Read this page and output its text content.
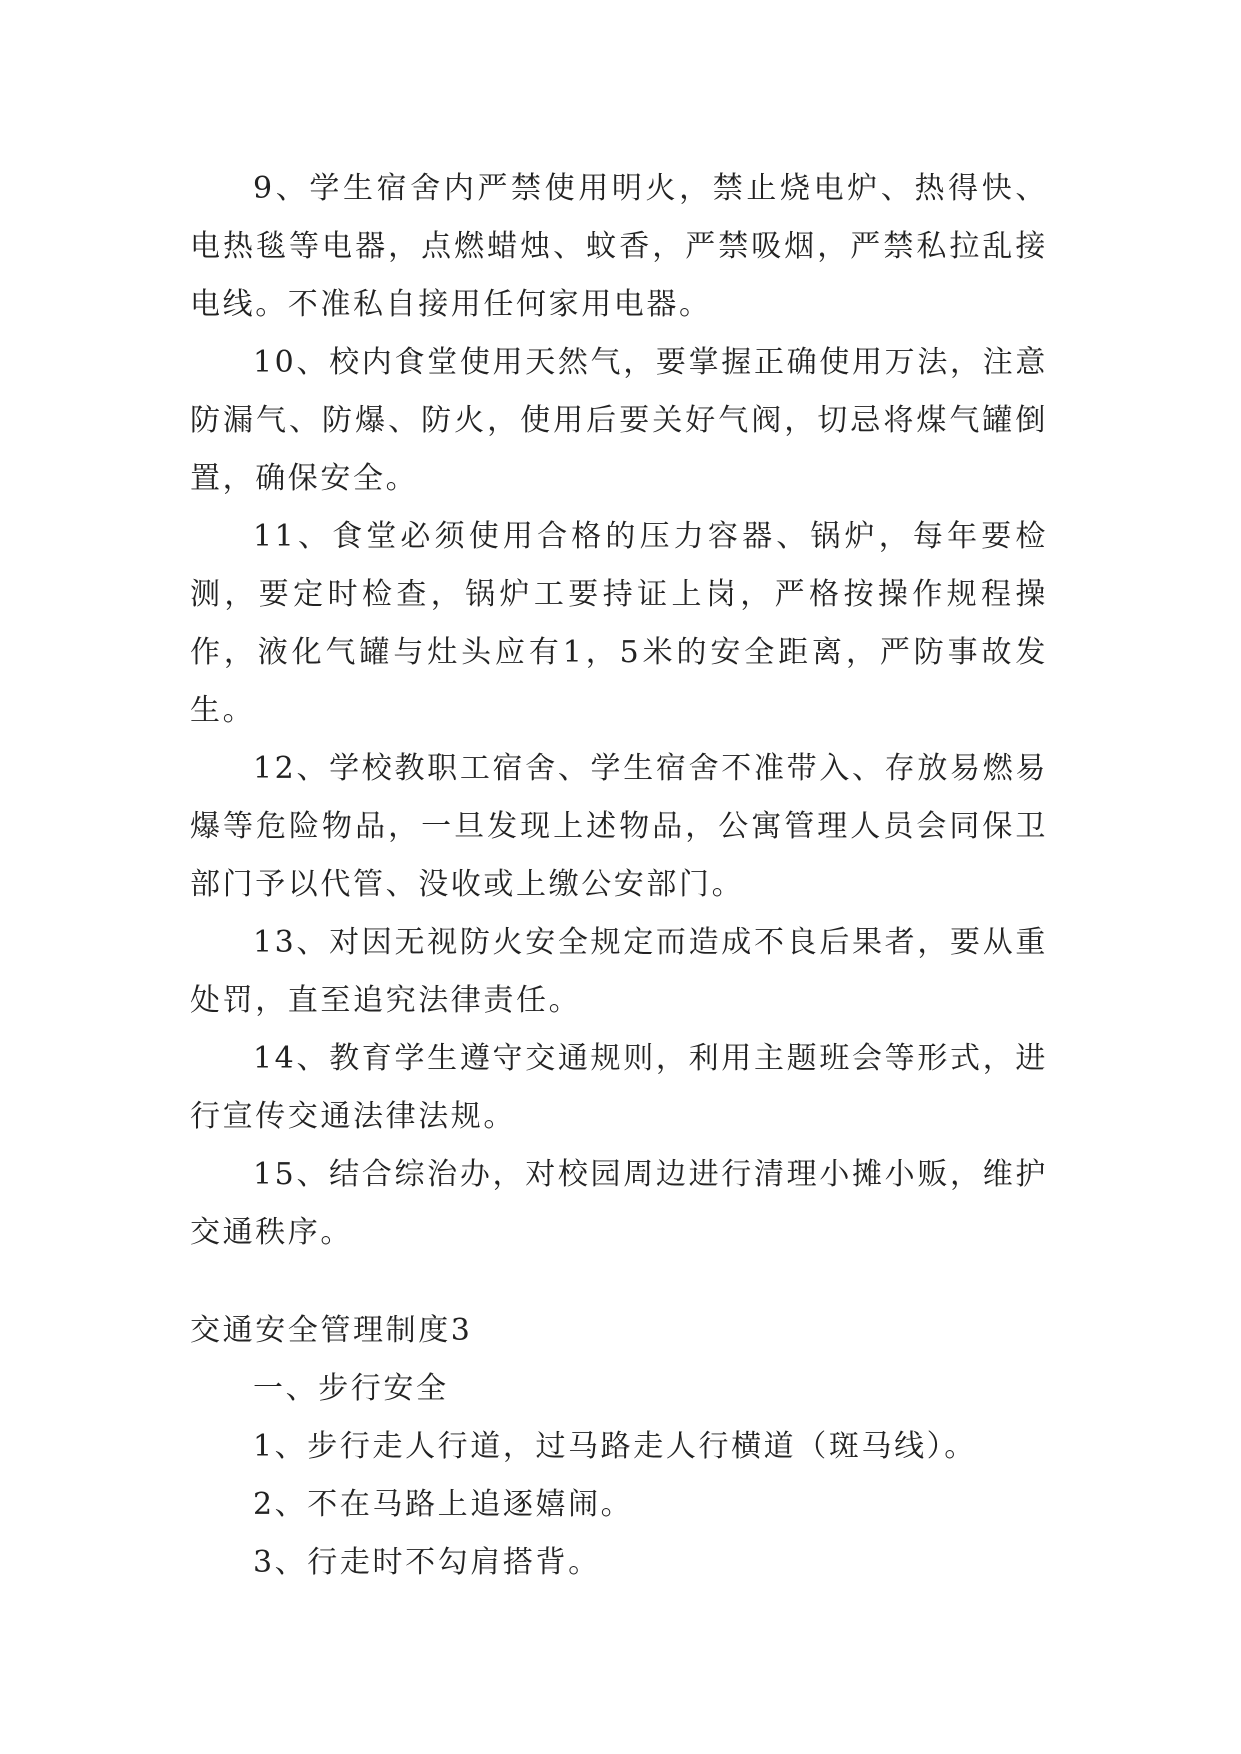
9、学生宿舍内严禁使用明火，禁止烧电炉、热得快、电热毯等电器，点燃蜡烛、蚊香，严禁吸烟，严禁私拉乱接电线。不准私自接用任何家用电器。

10、校内食堂使用天然气，要掌握正确使用万法，注意防漏气、防爆、防火，使用后要关好气阀，切忌将煤气罐倒置，确保安全。

11、食堂必须使用合格的压力容器、锅炉，每年要检测，要定时检查，锅炉工要持证上岗，严格按操作规程操作，液化气罐与灶头应有1，5米的安全距离，严防事故发生。

12、学校教职工宿舍、学生宿舍不准带入、存放易燃易爆等危险物品，一旦发现上述物品，公寓管理人员会同保卫部门予以代管、没收或上缴公安部门。

13、对因无视防火安全规定而造成不良后果者，要从重处罚，直至追究法律责任。

14、教育学生遵守交通规则，利用主题班会等形式，进行宣传交通法律法规。

15、结合综治办，对校园周边进行清理小摊小贩，维护交通秩序。

交通安全管理制度3

一、步行安全

1、步行走人行道，过马路走人行横道（斑马线）。

2、不在马路上追逐嬉闹。

3、行走时不勾肩搭背。
